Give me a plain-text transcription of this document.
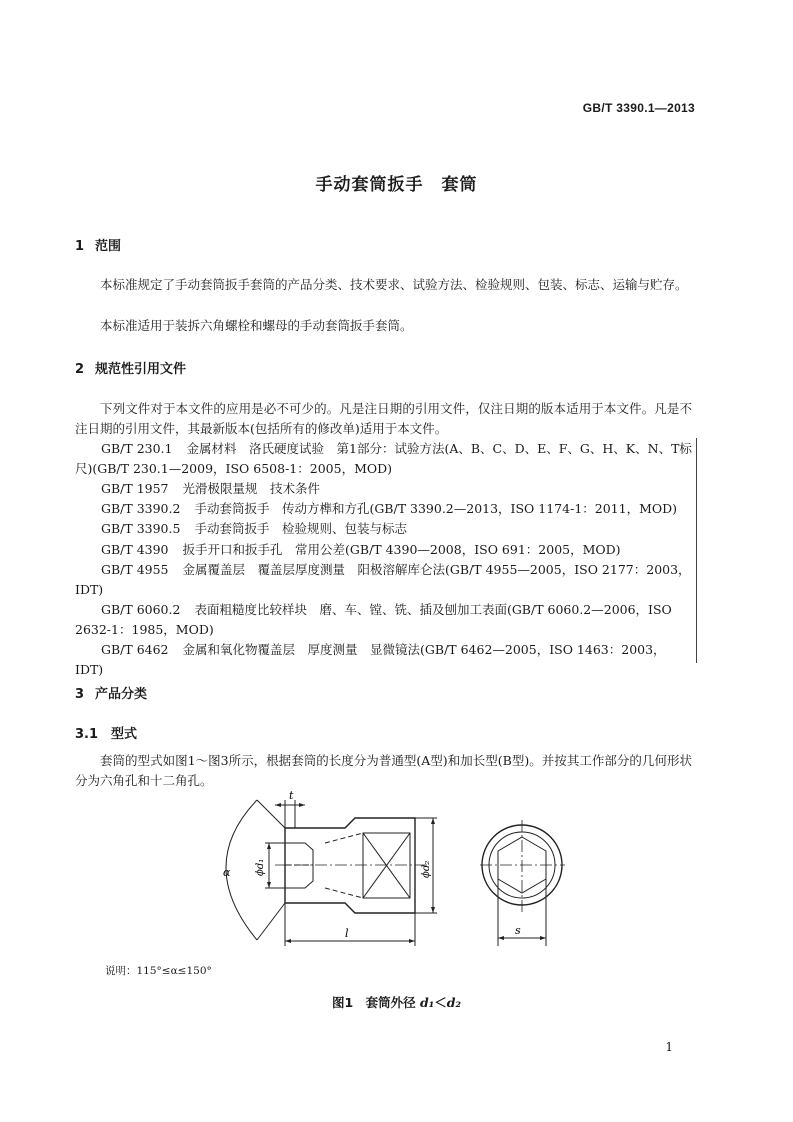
GB/T 3390.1—2013
手动套筒扳手　套筒
1 范围
本标准规定了手动套筒扳手套筒的产品分类、技术要求、试验方法、检验规则、包装、标志、运输与贮存。
本标准适用于装拆六角螺栓和螺母的手动套筒扳手套筒。
2 规范性引用文件
下列文件对于本文件的应用是必不可少的。凡是注日期的引用文件，仅注日期的版本适用于本文件。凡是不注日期的引用文件，其最新版本(包括所有的修改单)适用于本文件。
GB/T 230.1 金属材料　洛氏硬度试验　第1部分：试验方法(A、B、C、D、E、F、G、H、K、N、T标尺)(GB/T 230.1—2009，ISO 6508-1：2005，MOD)
GB/T 1957 光滑极限量规　技术条件
GB/T 3390.2 手动套筒扳手　传动方榫和方孔(GB/T 3390.2—2013，ISO 1174-1：2011，MOD)
GB/T 3390.5 手动套筒扳手　检验规则、包装与标志
GB/T 4390 扳手开口和扳手孔　常用公差(GB/T 4390—2008，ISO 691：2005，MOD)
GB/T 4955 金属覆盖层　覆盖层厚度测量　阳极溶解库仑法(GB/T 4955—2005，ISO 2177：2003，IDT)
GB/T 6060.2 表面粗糙度比较样块　磨、车、镗、铣、插及刨加工表面(GB/T 6060.2—2006，ISO 2632-1：1985，MOD)
GB/T 6462 金属和氧化物覆盖层　厚度测量　显微镜法(GB/T 6462—2005，ISO 1463：2003，IDT)
3 产品分类
3.1 型式
套筒的型式如图1～图3所示，根据套筒的长度分为普通型(A型)和加长型(B型)。并按其工作部分的几何形状分为六角孔和十二角孔。
t
l	s
α ϕd₁	ϕd₂
说明：115°≤α≤150°
图1　套筒外径 d₁＜d₂
1
